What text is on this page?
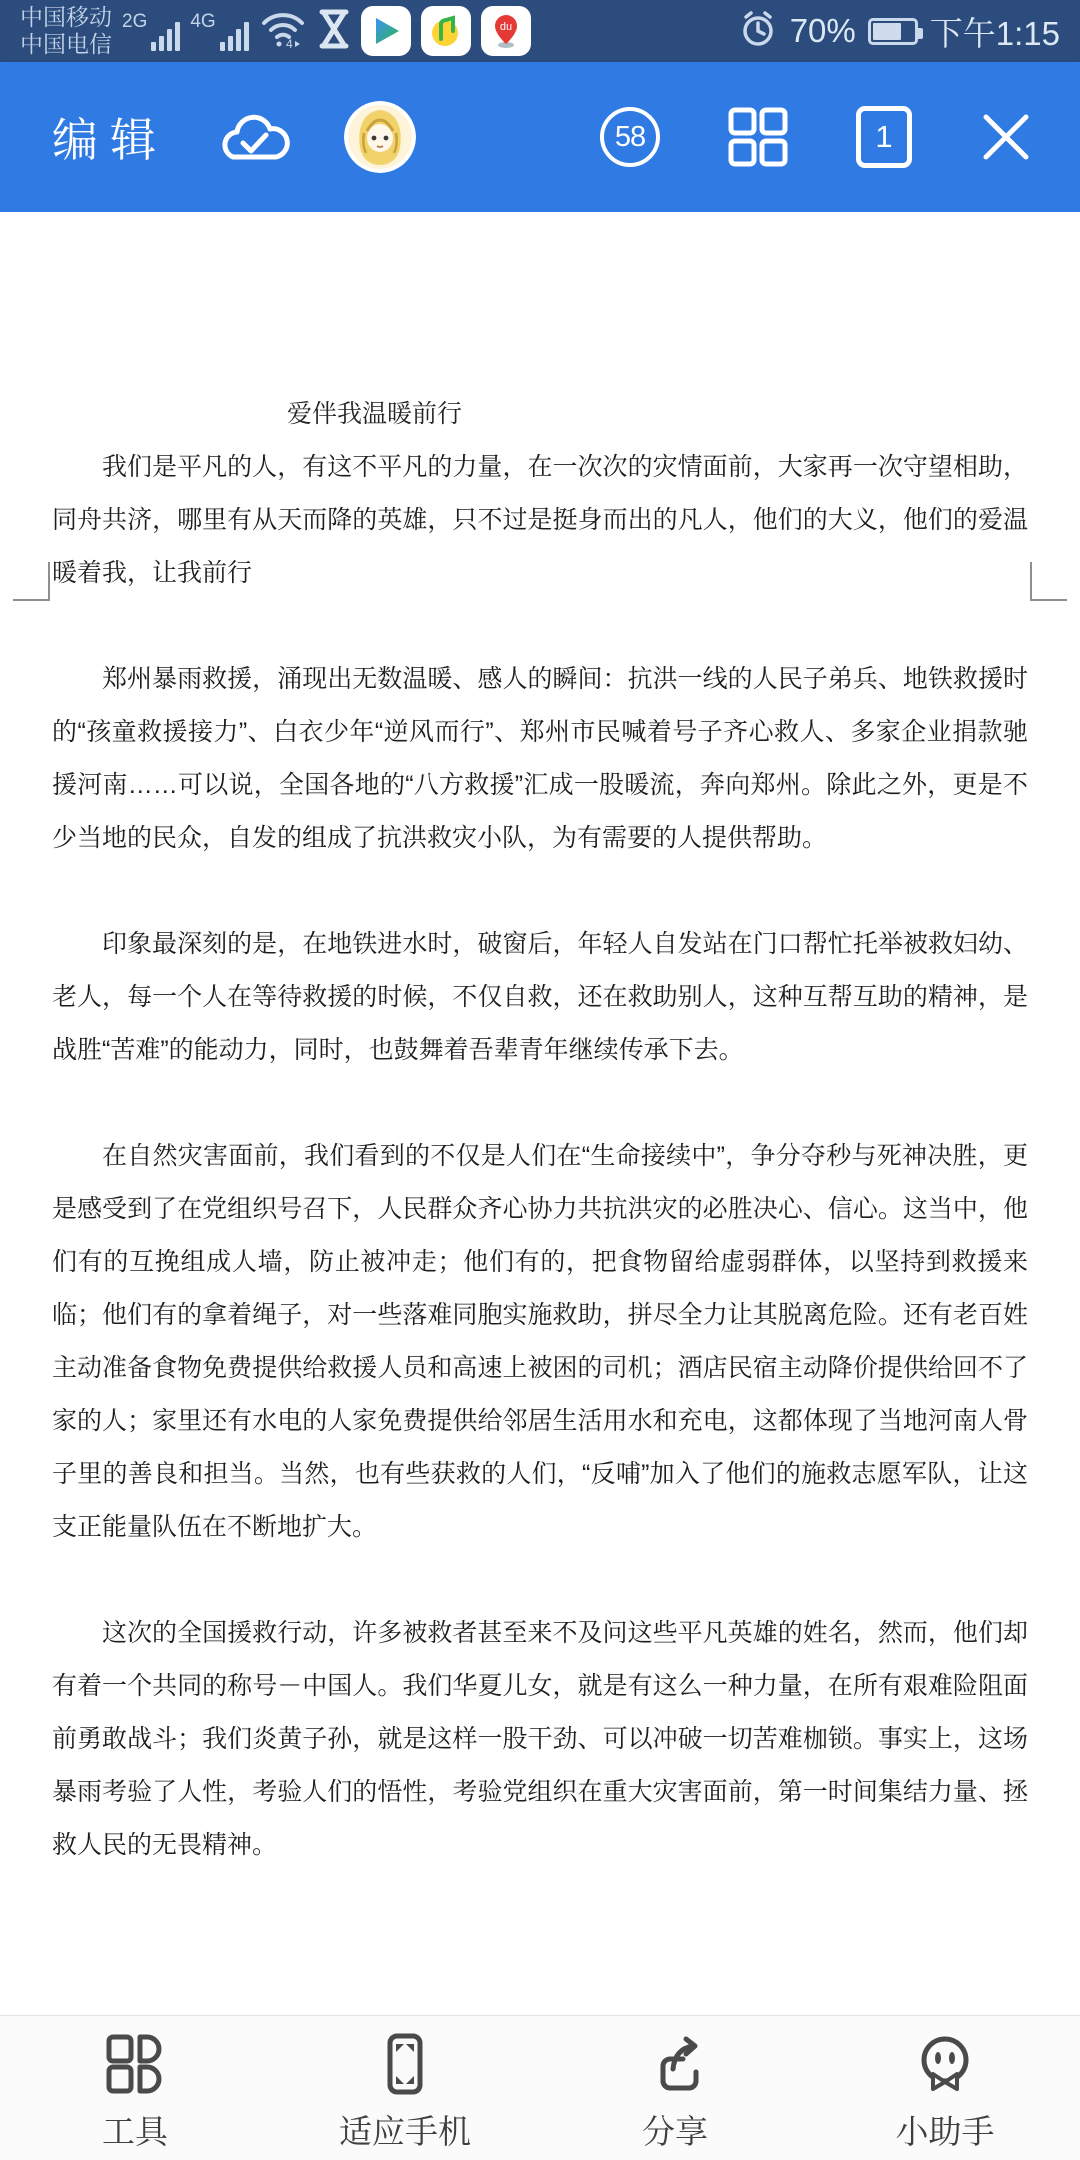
中国移动
中国电信
2G 4G
4
du	70% 下午1:15
编辑	58	1
爱伴我温暖前行

我们是平凡的人，有这不平凡的力量，在一次次的灾情面前，大家再一次守望相助，同舟共济，哪里有从天而降的英雄，只不过是挺身而出的凡人，他们的大义，他们的爱温暖着我，让我前行

郑州暴雨救援，涌现出无数温暖、感人的瞬间：抗洪一线的人民子弟兵、地铁救援时的“孩童救援接力”、白衣少年“逆风而行”、郑州市民喊着号子齐心救人、多家企业捐款驰援河南……可以说，全国各地的“八方救援”汇成一股暖流，奔向郑州。除此之外，更是不少当地的民众，自发的组成了抗洪救灾小队，为有需要的人提供帮助。

印象最深刻的是，在地铁进水时，破窗后，年轻人自发站在门口帮忙托举被救妇幼、老人，每一个人在等待救援的时候，不仅自救，还在救助别人，这种互帮互助的精神，是战胜“苦难”的能动力，同时，也鼓舞着吾辈青年继续传承下去。

在自然灾害面前，我们看到的不仅是人们在“生命接续中”，争分夺秒与死神决胜，更是感受到了在党组织号召下，人民群众齐心协力共抗洪灾的必胜决心、信心。这当中，他们有的互挽组成人墙，防止被冲走；他们有的，把食物留给虚弱群体，以坚持到救援来临；他们有的拿着绳子，对一些落难同胞实施救助，拼尽全力让其脱离危险。还有老百姓主动准备食物免费提供给救援人员和高速上被困的司机；酒店民宿主动降价提供给回不了家的人；家里还有水电的人家免费提供给邻居生活用水和充电，这都体现了当地河南人骨子里的善良和担当。当然，也有些获救的人们，“反哺”加入了他们的施救志愿军队，让这支正能量队伍在不断地扩大。

这次的全国援救行动，许多被救者甚至来不及问这些平凡英雄的姓名，然而，他们却有着一个共同的称号－中国人。我们华夏儿女，就是有这么一种力量，在所有艰难险阻面前勇敢战斗；我们炎黄子孙，就是这样一股干劲、可以冲破一切苦难枷锁。事实上，这场暴雨考验了人性，考验人们的悟性，考验党组织在重大灾害面前，第一时间集结力量、拯救人民的无畏精神。

工具	适应手机	分享	小助手
